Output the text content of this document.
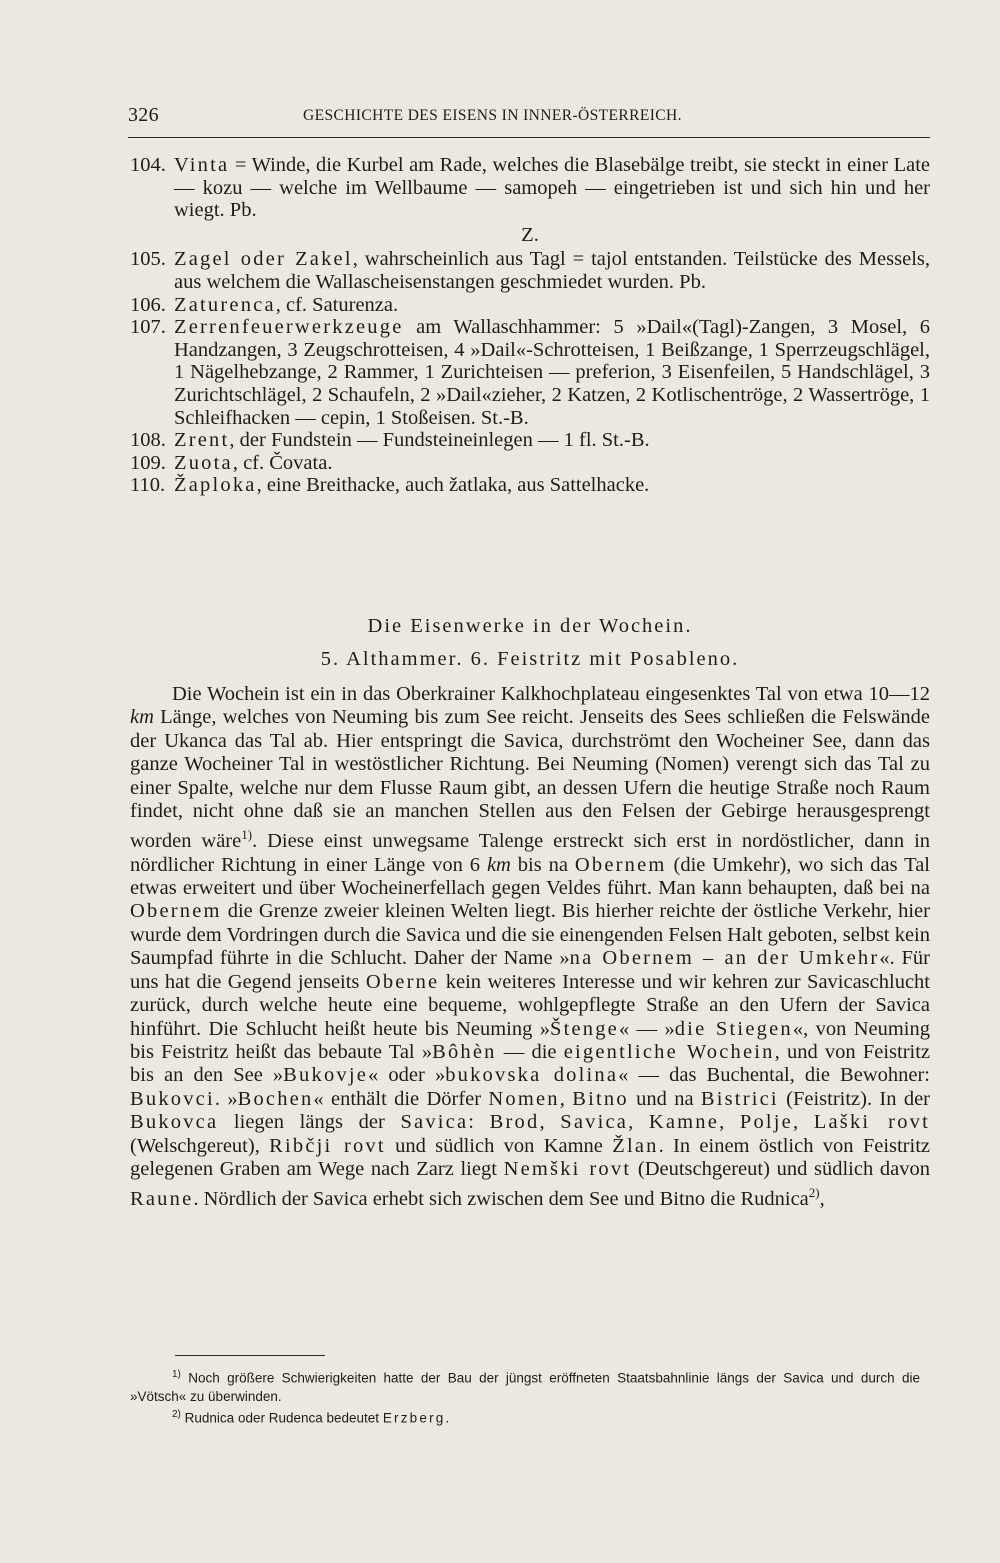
326	GESCHICHTE DES EISENS IN INNER-ÖSTERREICH.
104. Vinta = Winde, die Kurbel am Rade, welches die Blasebälge treibt, sie steckt in einer Late — kozu — welche im Wellbaume — samopeh — eingetrieben ist und sich hin und her wiegt. Pb.
Z.
105. Zagel oder Zakel, wahrscheinlich aus Tagl = tajol entstanden. Teilstücke des Messels, aus welchem die Wallascheisenstangen geschmiedet wurden. Pb.
106. Zaturenca, cf. Saturenza.
107. Zerrenfeuerwerkzeuge am Wallaschhammer: 5 »Dail«(Tagl)-Zangen, 3 Mosel, 6 Handzangen, 3 Zeugschrotteisen, 4 »Dail«-Schrotteisen, 1 Beißzange, 1 Sperrzeugschlägel, 1 Nägelhebzange, 2 Rammer, 1 Zurichteisen — preferion, 3 Eisenfeilen, 5 Handschlägel, 3 Zurichtschlägel, 2 Schaufeln, 2 »Dail«zieher, 2 Katzen, 2 Kotlischentröge, 2 Wassertröge, 1 Schleifhacken — cepin, 1 Stoßeisen. St.-B.
108. Zrent, der Fundstein — Fundsteineinlegen — 1 fl. St.-B.
109. Zuota, cf. Čovata.
110. Žaploka, eine Breithacke, auch žatlaka, aus Sattelhacke.
Die Eisenwerke in der Wochein.
5. Althammer. 6. Feistritz mit Posableno.
Die Wochein ist ein in das Oberkrainer Kalkhochplateau eingesenktes Tal von etwa 10—12 km Länge, welches von Neuming bis zum See reicht. Jenseits des Sees schließen die Felswände der Ukanca das Tal ab. Hier entspringt die Savica, durchströmt den Wocheiner See, dann das ganze Wocheiner Tal in westöstlicher Richtung. Bei Neuming (Nomen) verengt sich das Tal zu einer Spalte, welche nur dem Flusse Raum gibt, an dessen Ufern die heutige Straße noch Raum findet, nicht ohne daß sie an manchen Stellen aus den Felsen der Gebirge herausgesprengt worden wäre$^{1)}$. Diese einst unwegsame Talenge erstreckt sich erst in nordöstlicher, dann in nördlicher Richtung in einer Länge von 6 km bis na Obernem (die Umkehr), wo sich das Tal etwas erweitert und über Wocheinerfellach gegen Veldes führt. Man kann behaupten, daß bei na Obernem die Grenze zweier kleinen Welten liegt. Bis hierher reichte der östliche Verkehr, hier wurde dem Vordringen durch die Savica und die sie einengenden Felsen Halt geboten, selbst kein Saumpfad führte in die Schlucht. Daher der Name »na Obernem – an der Umkehr«. Für uns hat die Gegend jenseits Oberne kein weiteres Interesse und wir kehren zur Savicaschlucht zurück, durch welche heute eine bequeme, wohlgepflegte Straße an den Ufern der Savica hinführt. Die Schlucht heißt heute bis Neuming »Štenge« — »die Stiegen«, von Neuming bis Feistritz heißt das bebaute Tal »Bôhèn — die eigentliche Wochein, und von Feistritz bis an den See »Bukovje« oder »bukovska dolina« — das Buchental, die Bewohner: Bukovci. »Bochen« enthält die Dörfer Nomen, Bitno und na Bistrici (Feistritz). In der Bukovca liegen längs der Savica: Brod, Savica, Kamne, Polje, Laški rovt (Welschgereut), Ribčji rovt und südlich von Kamne Žlan. In einem östlich von Feistritz gelegenen Graben am Wege nach Zarz liegt Nemški rovt (Deutschgereut) und südlich davon Raune. Nördlich der Savica erhebt sich zwischen dem See und Bitno die Rudnica$^{2)}$,
$^{1)}$ Noch größere Schwierigkeiten hatte der Bau der jüngst eröffneten Staatsbahnlinie längs der Savica und durch die »Vötsch« zu überwinden.
$^{2)}$ Rudnica oder Rudenca bedeutet Erzberg.
